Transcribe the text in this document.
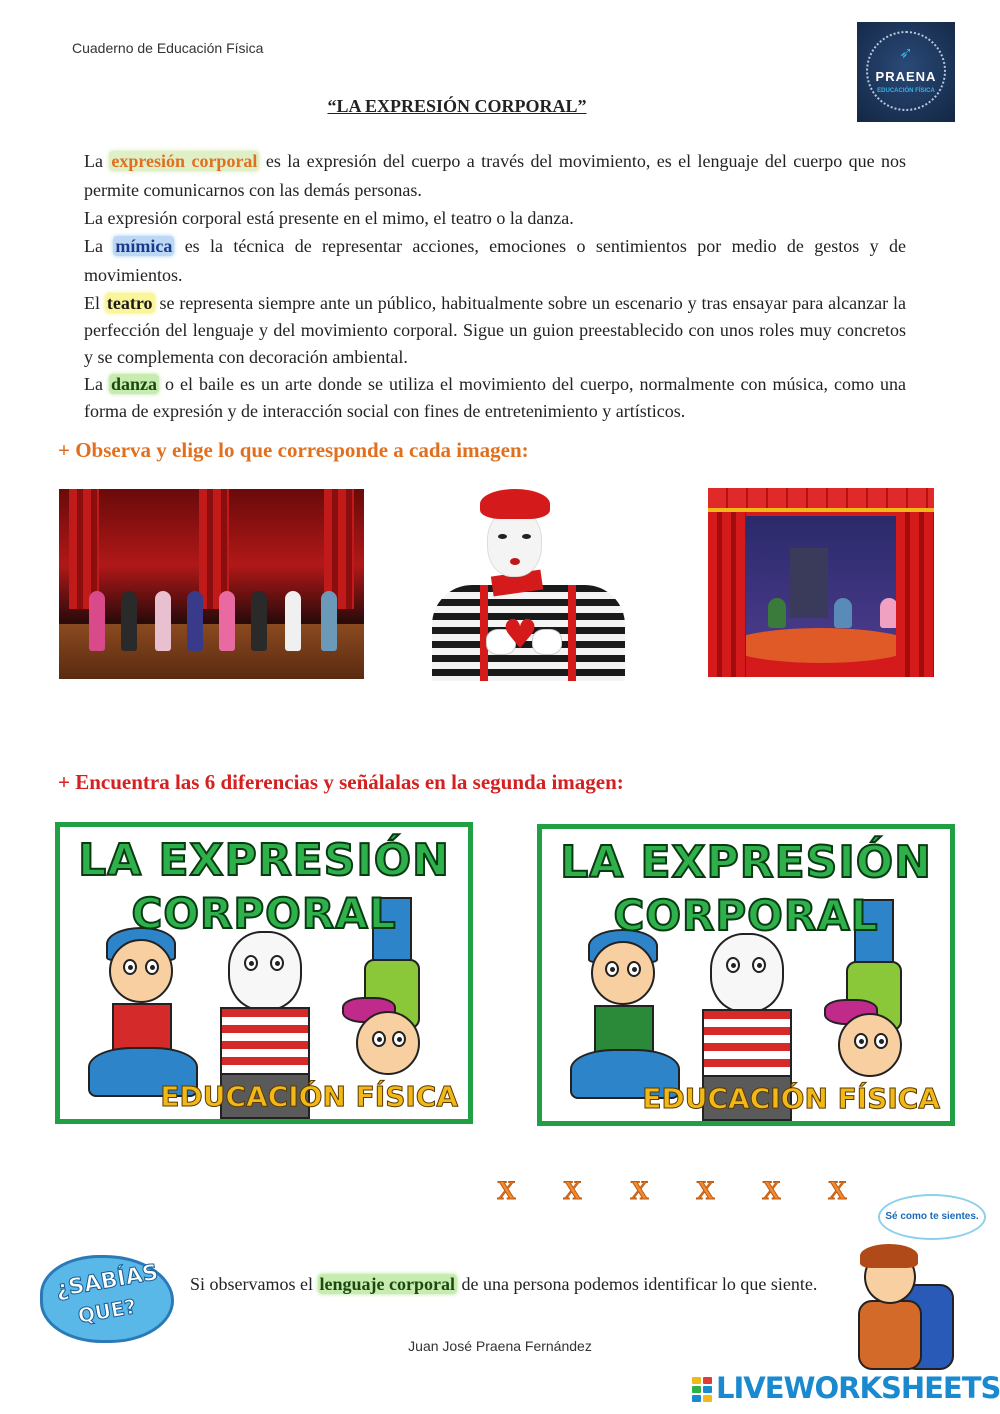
Cuaderno de Educación Física	➶
PRAENA
EDUCACIÓN FÍSICA
“LA EXPRESIÓN CORPORAL”

La expresión corporal es la expresión del cuerpo a través del movimiento, es el lenguaje del cuerpo que nos permite comunicarnos con las demás personas.

La expresión corporal está presente en el mimo, el teatro o la danza.

La mímica es la técnica de representar acciones, emociones o sentimientos por medio de gestos y de movimientos.

El teatro se representa siempre ante un público, habitualmente sobre un escenario y tras ensayar para alcanzar la perfección del lenguaje y del movimiento corporal. Sigue un guion preestablecido con unos roles muy concretos y se complementa con decoración ambiental.

La danza o el baile es un arte donde se utiliza el movimiento del cuerpo, normalmente con música, como una forma de expresión y de interacción social con fines de entretenimiento y artísticos.

+ Observa y elige lo que corresponde a cada imagen:
♥
+ Encuentra las 6 diferencias y señálalas en la segunda imagen:
LA EXPRESIÓN
CORPORAL
EDUCACIÓN FÍSICA
LA EXPRESIÓN
CORPORAL
EDUCACIÓN FÍSICA
X X X X X X
¿SABÍAS
QUE?
Si observamos el lenguaje corporal de una persona podemos identificar lo que siente.
Sé como te sientes.
Juan José Praena Fernández
LIVEWORKSHEETS
